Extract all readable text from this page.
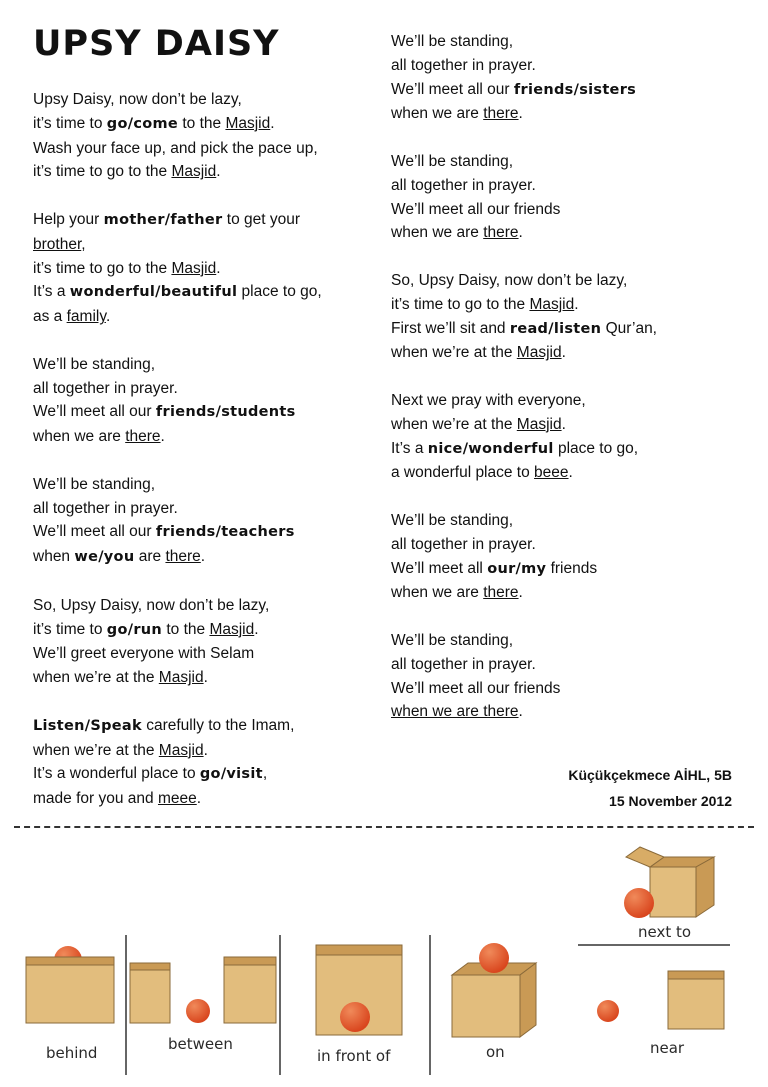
UPSY DAISY
Upsy Daisy, now don’t be lazy,
it’s time to go/come to the Masjid.
Wash your face up, and pick the pace up,
it’s time to go to the Masjid.
Help your mother/father to get your
brother,
it’s time to go to the Masjid.
It’s a wonderful/beautiful place to go,
as a family.
We’ll be standing,
all together in prayer.
We’ll meet all our friends/students
when we are there.
We’ll be standing,
all together in prayer.
We’ll meet all our friends/teachers
when we/you are there.
So, Upsy Daisy, now don’t be lazy,
it’s time to go/run to the Masjid.
We’ll greet everyone with Selam
when we’re at the Masjid.
Listen/Speak carefully to the Imam,
when we’re at the Masjid.
It’s a wonderful place to go/visit,
made for you and meee.
We’ll be standing,
all together in prayer.
We’ll meet all our friends/sisters
when we are there.
We’ll be standing,
all together in prayer.
We’ll meet all our friends
when we are there.
So, Upsy Daisy, now don’t be lazy,
it’s time to go to the Masjid.
First we’ll sit and read/listen Qur’an,
when we’re at the Masjid.
Next we pray with everyone,
when we’re at the Masjid.
It’s a nice/wonderful place to go,
a wonderful place to beee.
We’ll be standing,
all together in prayer.
We’ll meet all our/my friends
when we are there.
We’ll be standing,
all together in prayer.
We’ll meet all our friends
when we are there.
Küçükçekmece AİHL, 5B
15 November 2012
behind	between
in front of	on
next to
near
